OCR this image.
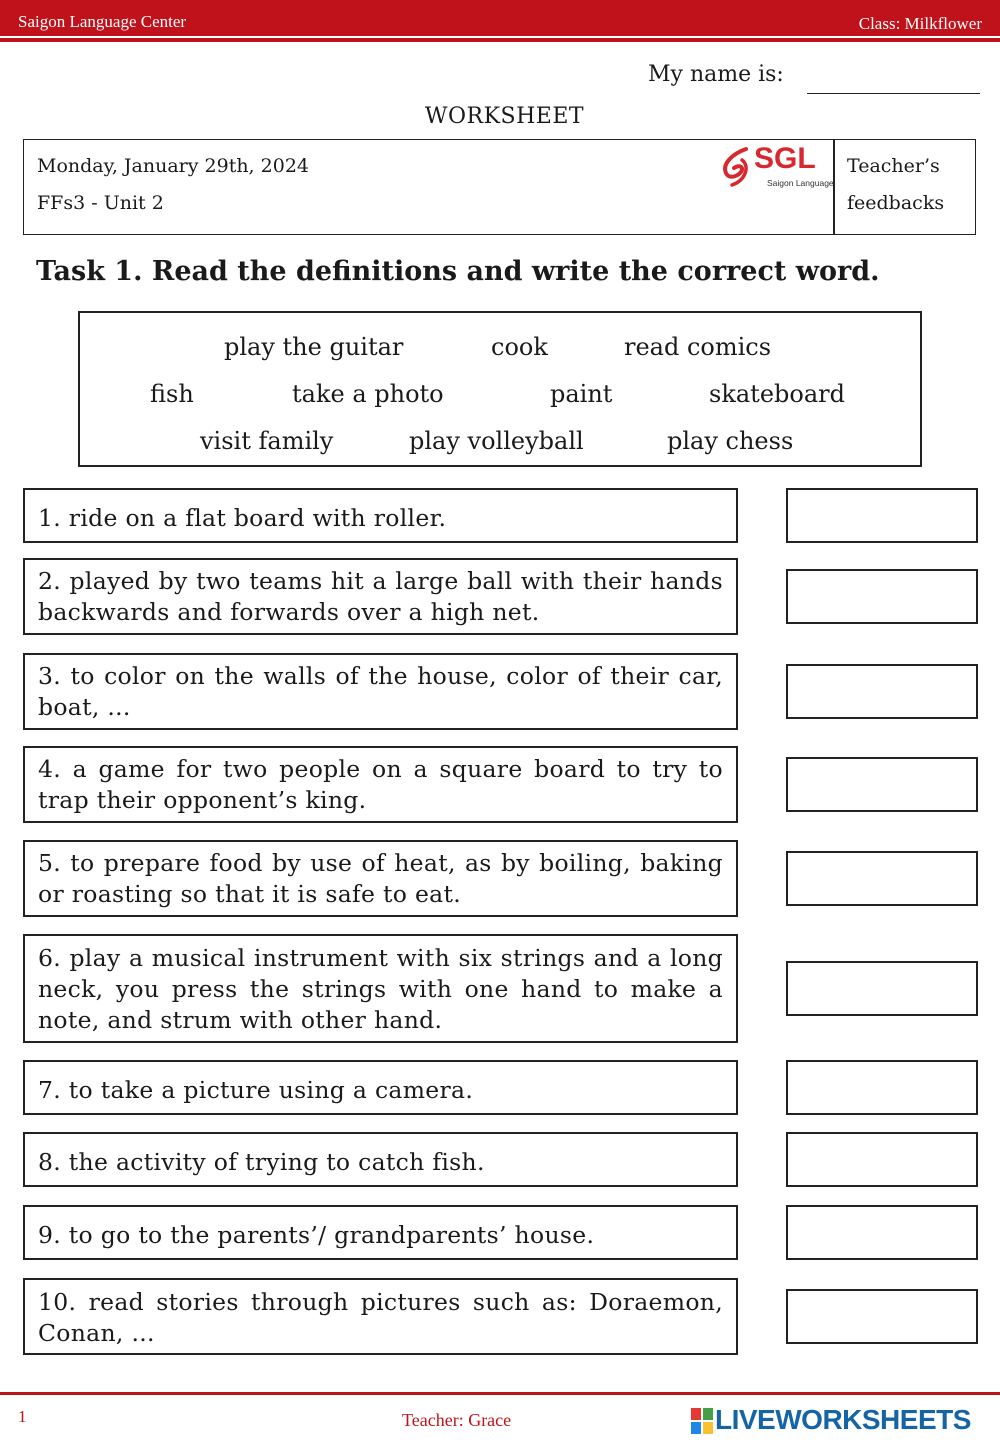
Saigon Language Center	Class: Milkflower
My name is:
WORKSHEET
Monday, January 29th, 2024
FFs3 - Unit 2
Teacher’s
feedbacks
SGL
Saigon Language
Task 1. Read the definitions and write the correct word.
play the guitar	cook	read comics
fish	take a photo	paint	skateboard
visit family	play volleyball	play chess
1. ride on a flat board with roller.
2. played by two teams hit a large ball with their hands backwards and forwards over a high net.
3. to color on the walls of the house, color of their car, boat, ...
4. a game for two people on a square board to try to trap their opponent’s king.
5. to prepare food by use of heat, as by boiling, baking or roasting so that it is safe to eat.
6. play a musical instrument with six strings and a long neck, you press the strings with one hand to make a note, and strum with other hand.
7. to take a picture using a camera.
8. the activity of trying to catch fish.
9. to go to the parents’/ grandparents’ house.
10. read stories through pictures such as: Doraemon, Conan, ...
1	Teacher: Grace	LIVEWORKSHEETS
